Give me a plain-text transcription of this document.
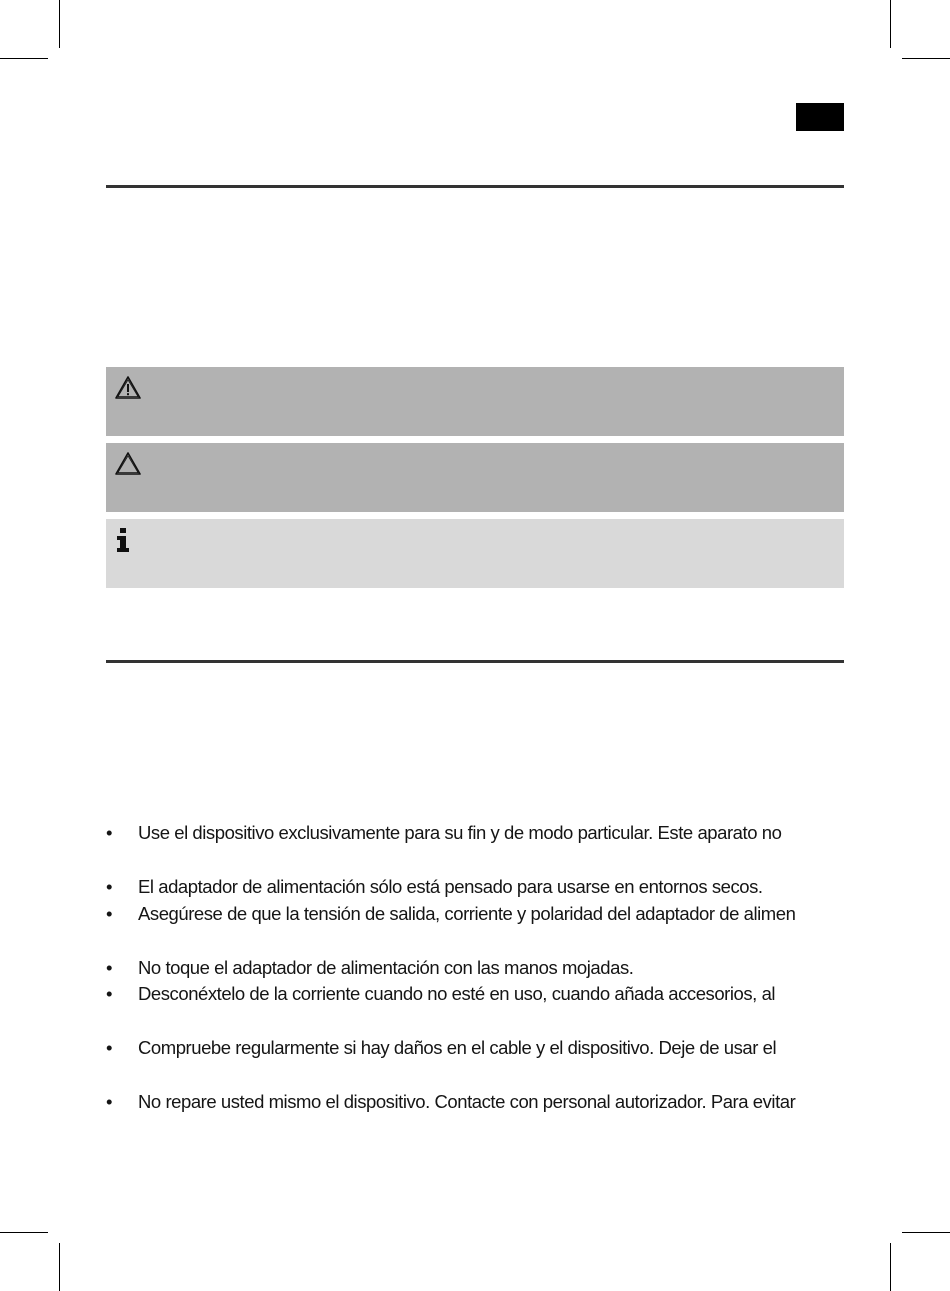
•	Use el dispositivo exclusivamente para su fin y de modo particular. Este aparato no
•	El adaptador de alimentación sólo está pensado para usarse en entornos secos.
•	Asegúrese de que la tensión de salida, corriente y polaridad del adaptador de alimen
•	No toque el adaptador de alimentación con las manos mojadas.
•	Desconéxtelo de la corriente cuando no esté en uso, cuando añada accesorios, al
•	Compruebe regularmente si hay daños en el cable y el dispositivo. Deje de usar el
•	No repare usted mismo el dispositivo. Contacte con personal autorizador. Para evitar
